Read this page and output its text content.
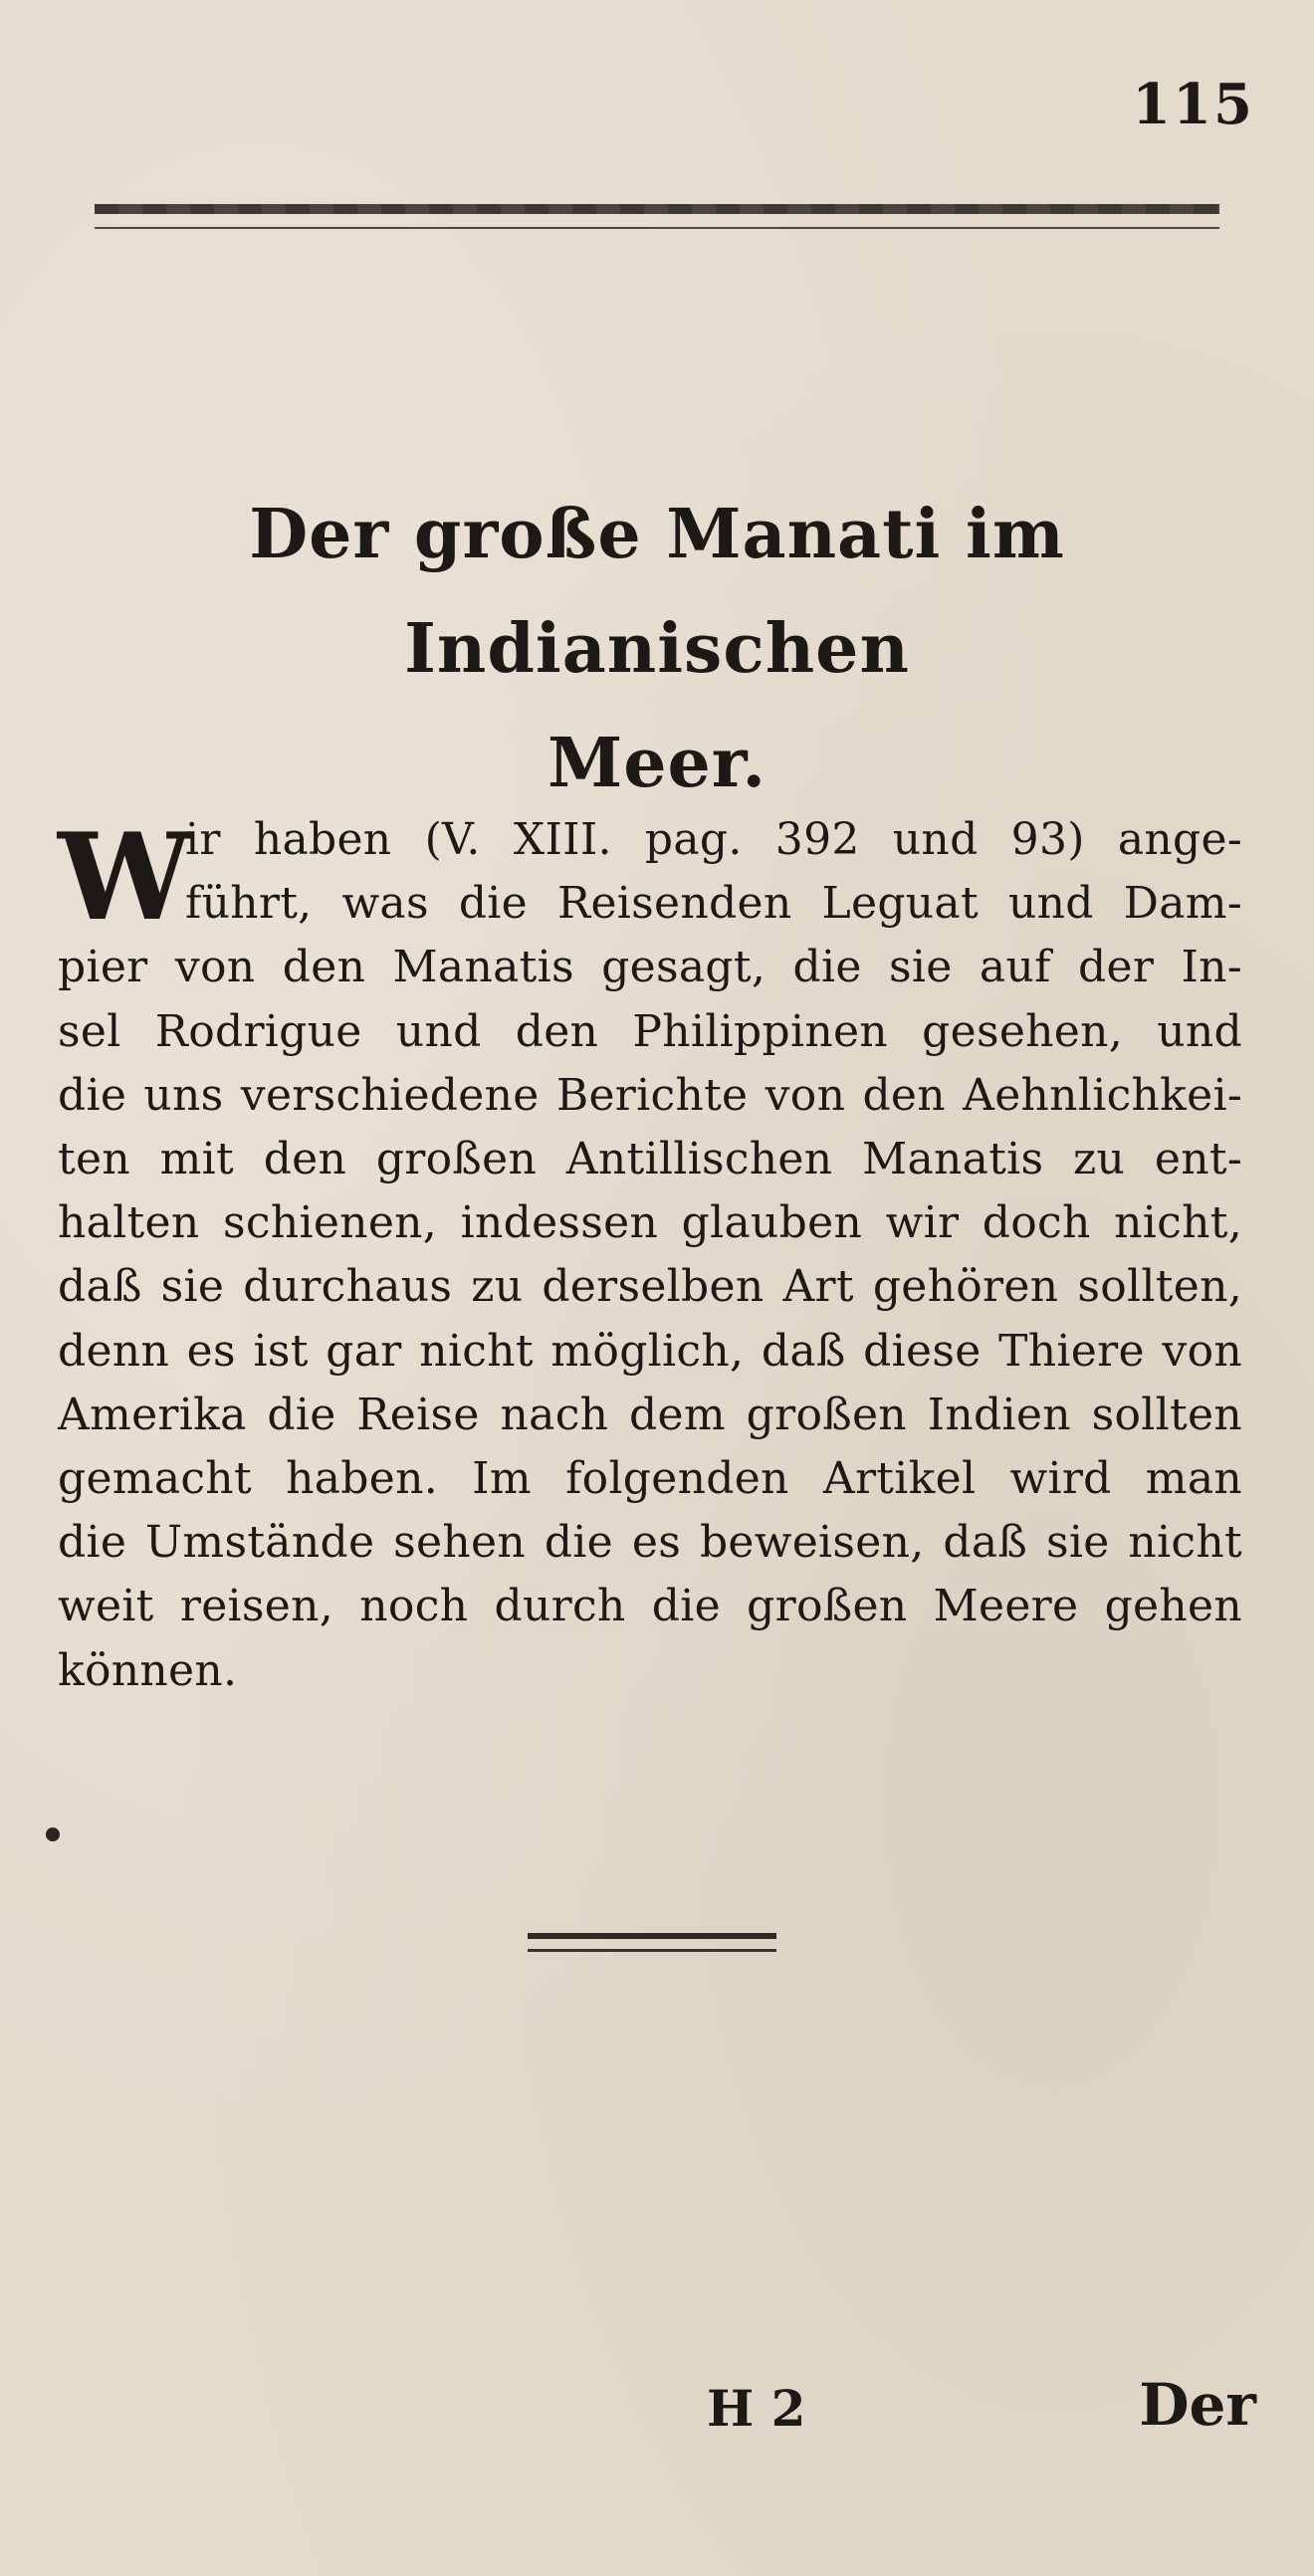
115
Der große Manati im Indianischen
Meer.
W
ir haben (V. XIII. pag. 392 und 93) ange-
führt, was die Reisenden Leguat und Dam-
pier von den Manatis gesagt, die sie auf der In-
sel Rodrigue und den Philippinen gesehen, und
die uns verschiedene Berichte von den Aehnlichkei-
ten mit den großen Antillischen Manatis zu ent-
halten schienen, indessen glauben wir doch nicht,
daß sie durchaus zu derselben Art gehören sollten,
denn es ist gar nicht möglich, daß diese Thiere von
Amerika die Reise nach dem großen Indien sollten
gemacht haben. Im folgenden Artikel wird man
die Umstände sehen die es beweisen, daß sie nicht
weit reisen, noch durch die großen Meere gehen
können.
H 2	Der
